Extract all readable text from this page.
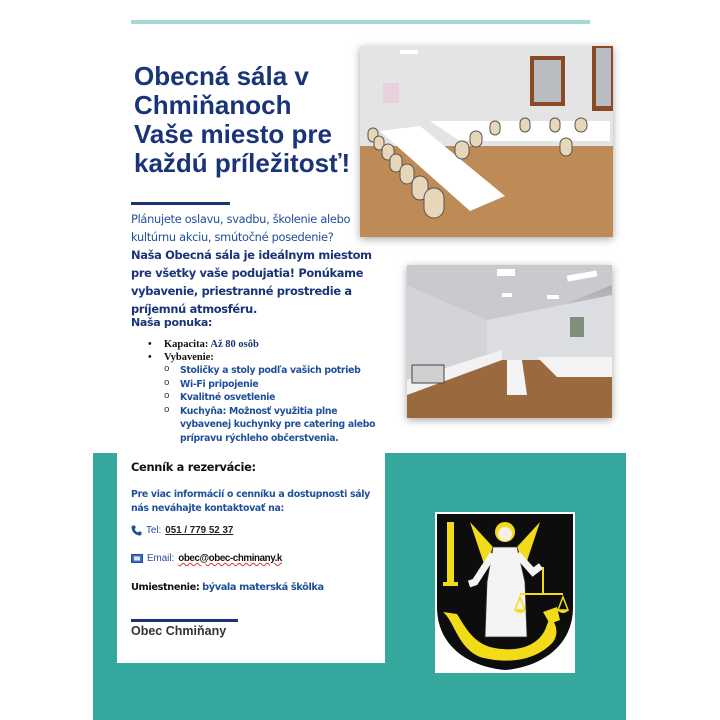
Obecná sála v
Chmiňanoch
Vaše miesto pre
každú príležitosť!
Plánujete oslavu, svadbu, školenie alebo kultúrnu akciu, smútočné posedenie?
Naša Obecná sála je ideálnym miestom pre všetky vaše podujatia! Ponúkame vybavenie, priestranné prostredie a príjemnú atmosféru.
Naša ponuka:
• Kapacita: Až 80 osôb
• Vybavenie:
o Stoličky a stoly podľa vašich potrieb
o Wi-Fi pripojenie
o Kvalitné osvetlenie
o Kuchyňa: Možnosť využitia plne vybavenej kuchynky pre catering alebo prípravu rýchleho občerstvenia.
Cenník a rezervácie:
Pre viac informácií o cenníku a dostupnosti sály nás neváhajte kontaktovať na:
Tel: 051 / 779 52 37
Email: obec@obec-chminany.k
Umiestnenie: bývala materská škôlka
Obec Chmiňany
